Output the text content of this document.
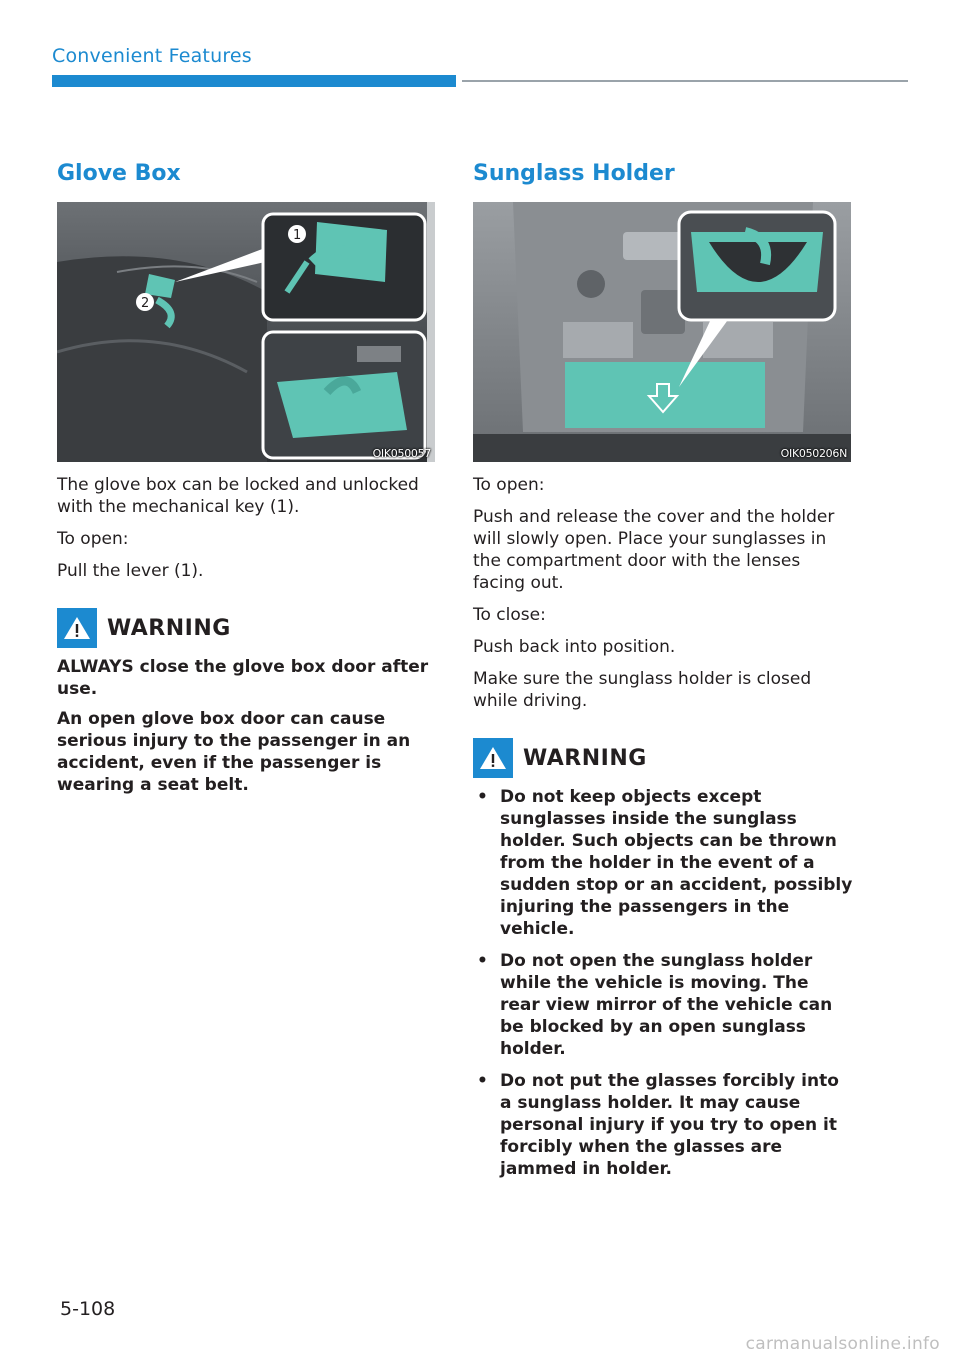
Convenient Features
Glove Box
2
1
OIK050057

The glove box can be locked and unlocked with the mechanical key (1).

To open:

Pull the lever (1).

WARNING

ALWAYS close the glove box door after use.

An open glove box door can cause serious injury to the passenger in an accident, even if the passenger is wearing a seat belt.

Sunglass Holder
OIK050206N

To open:

Push and release the cover and the holder will slowly open. Place your sunglasses in the compartment door with the lenses facing out.

To close:

Push back into position.

Make sure the sunglass holder is closed while driving.

WARNING
• Do not keep objects except sunglasses inside the sunglass holder. Such objects can be thrown from the holder in the event of a sudden stop or an accident, possibly injuring the passengers in the vehicle.
• Do not open the sunglass holder while the vehicle is moving. The rear view mirror of the vehicle can be blocked by an open sunglass holder.
• Do not put the glasses forcibly into a sunglass holder. It may cause personal injury if you try to open it forcibly when the glasses are jammed in holder.
5-108
carmanualsonline.info
